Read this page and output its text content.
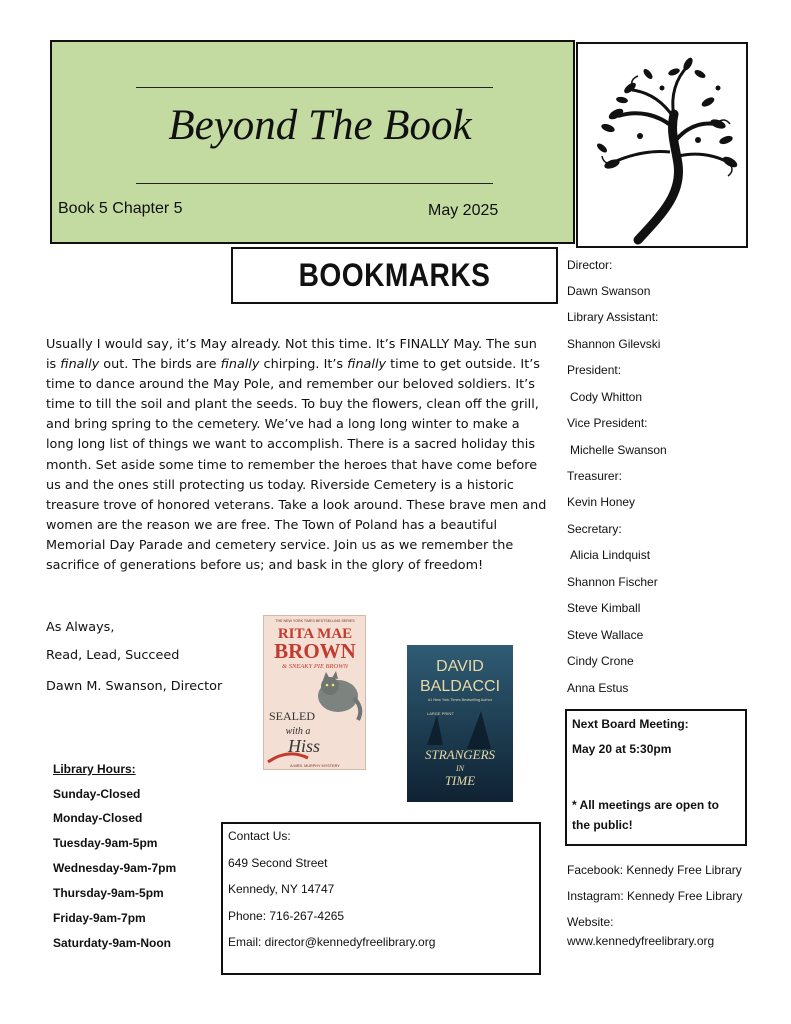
Beyond The Book
Book 5 Chapter 5	May 2025
BOOKMARKS
Usually I would say, it’s May already. Not this time. It’s FINALLY May. The sun is finally out. The birds are finally chirping. It’s finally time to get outside. It’s time to dance around the May Pole, and remember our beloved soldiers. It’s time to till the soil and plant the seeds. To buy the flowers, clean off the grill, and bring spring to the cemetery. We’ve had a long long winter to make a long long list of things we want to accomplish. There is a sacred holiday this month. Set aside some time to remember the heroes that have come before us and the ones still protecting us today. Riverside Cemetery is a historic treasure trove of honored veterans. Take a look around. These brave men and women are the reason we are free. The Town of Poland has a beautiful Memorial Day Parade and cemetery service. Join us as we remember the sacrifice of generations before us; and bask in the glory of freedom!
As Always,
Read, Lead, Succeed
Dawn M. Swanson, Director
Director:
Dawn Swanson
Library Assistant:
Shannon Gilevski
President:
Cody Whitton
Vice President:
Michelle Swanson
Treasurer:
Kevin Honey
Secretary:
Alicia Lindquist
Shannon Fischer
Steve Kimball
Steve Wallace
Cindy Crone
Anna Estus
Next Board Meeting:
May 20 at 5:30pm
* All meetings are open to the public!
Facebook: Kennedy Free Library
Instagram: Kennedy Free Library
Website:
www.kennedyfreelibrary.org
THE NEW YORK TIMES BESTSELLING SERIES
RITA MAE
BROWN
& SNEAKY PIE BROWN
SEALED
with a
Hiss
A MRS. MURPHY MYSTERY
DAVID
BALDACCI
#1 New York Times Bestselling Author
LARGE PRINT
STRANGERS
IN
TIME
Library Hours:
Sunday-Closed
Monday-Closed
Tuesday-9am-5pm
Wednesday-9am-7pm
Thursday-9am-5pm
Friday-9am-7pm
Saturdaty-9am-Noon
Contact Us:
649 Second Street
Kennedy, NY 14747
Phone: 716-267-4265
Email: director@kennedyfreelibrary.org
